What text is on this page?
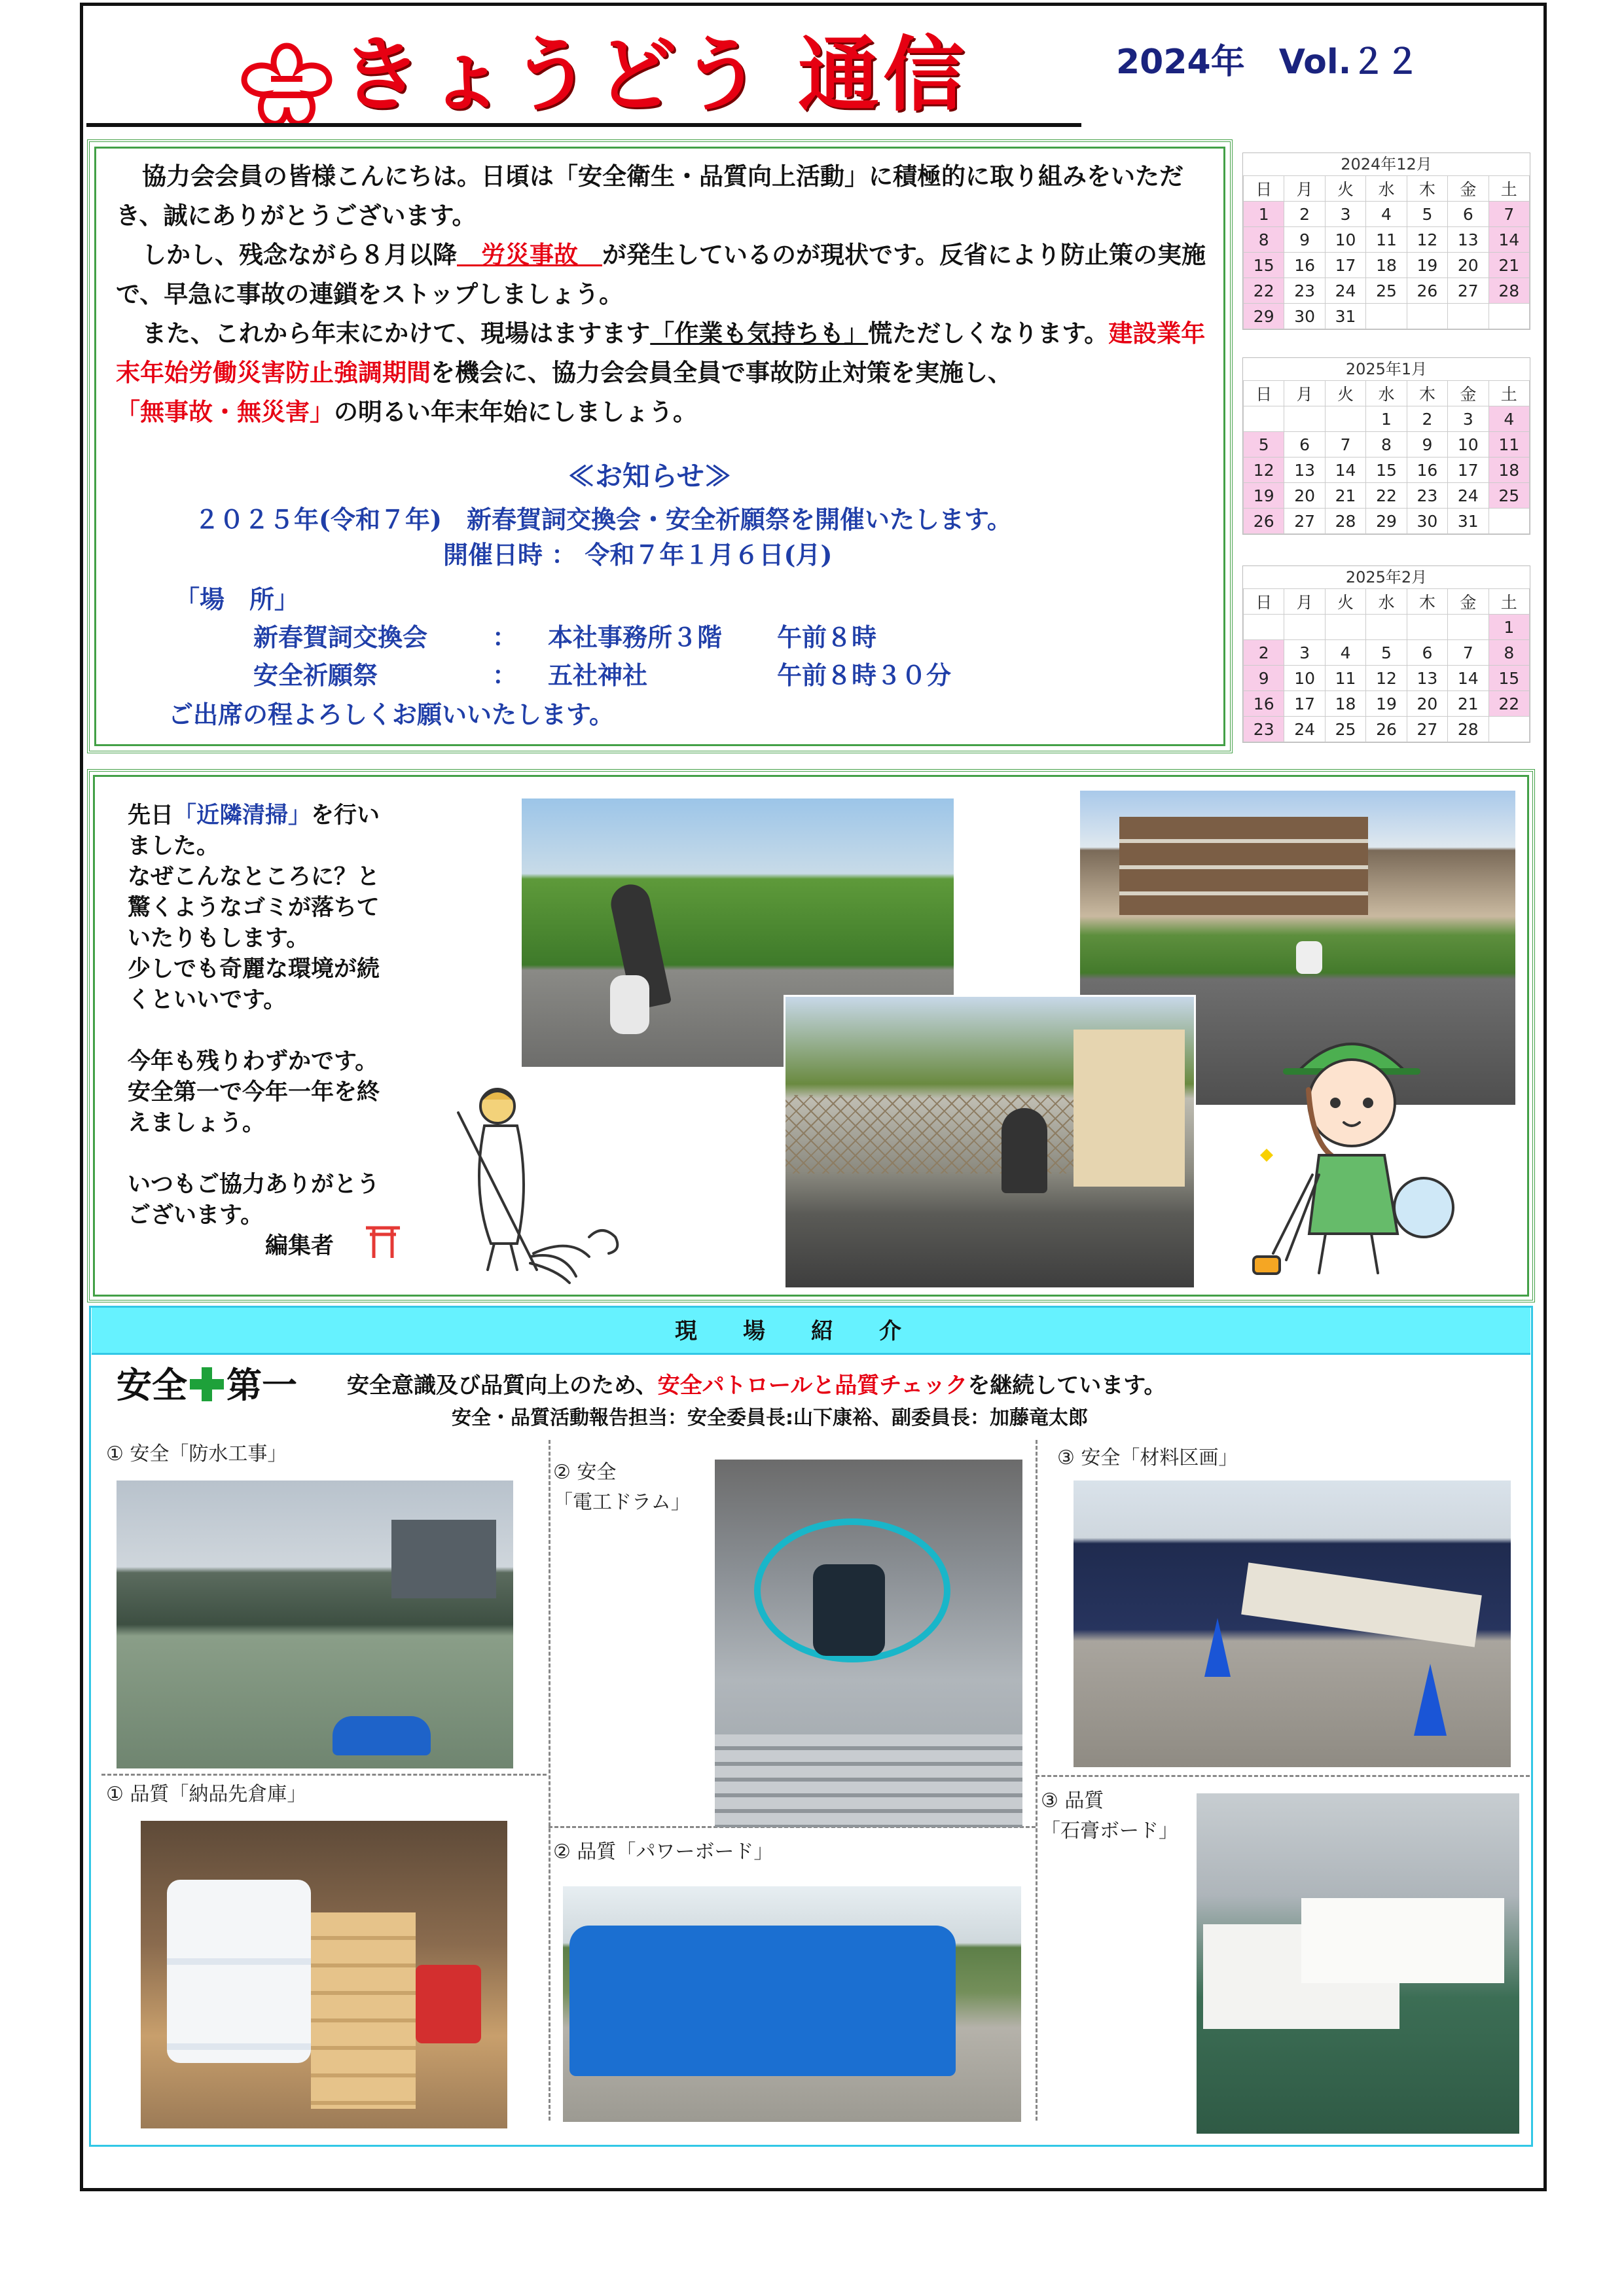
きょうどう 通信	2024年　Vol.２２

協力会会員の皆様こんにちは。日頃は「安全衛生・品質向上活動」に積極的に取り組みをいただき、誠にありがとうございます。

しかし、残念ながら８月以降　労災事故　が発生しているのが現状です。反省により防止策の実施で、早急に事故の連鎖をストップしましょう。

また、これから年末にかけて、現場はますます「作業も気持ちも」慌ただしくなります。建設業年末年始労働災害防止強調期間を機会に、協力会会員全員で事故防止対策を実施し、「無事故・無災害」の明るい年末年始にしましょう。

≪お知らせ≫
２０２５年(令和７年)　新春賀詞交換会・安全祈願祭を開催いたします。
開催日時 ： 令和７年１月６日(月)
「場　所」
新春賀詞交換会	： 本社事務所３階 午前８時
安全祈願祭	： 五社神社	午前８時３０分
ご出席の程よろしくお願いいたします。
2024年12月
日	月	火	水	木	金	土
1	2	3	4	5	6	7
8	9	10	11	12	13	14
15	16	17	18	19	20	21
22	23	24	25	26	27	28
29	30	31				
2025年1月
日	月	火	水	木	金	土
			1	2	3	4
5	6	7	8	9	10	11
12	13	14	15	16	17	18
19	20	21	22	23	24	25
26	27	28	29	30	31	
2025年2月
日	月	火	水	木	金	土
						1
2	3	4	5	6	7	8
9	10	11	12	13	14	15
16	17	18	19	20	21	22
23	24	25	26	27	28	
先日「近隣清掃」を行い
ました。
なぜこんなところに？と
驚くようなゴミが落ちて
いたりもします。
少しでも奇麗な環境が続
くといいです。
今年も残りわずかです。
安全第一で今年一年を終
えましょう。
いつもご協力ありがとう
ございます。
編集者
現場紹介
安全 第一	安全意識及び品質向上のため、安全パトロールと品質チェックを継続しています。
安全・品質活動報告担当：安全委員長:山下康裕、副委員長：加藤竜太郎
① 安全「防水工事」
② 安全
「電工ドラム」
③ 安全「材料区画」
① 品質「納品先倉庫」
② 品質「パワーボード」
③ 品質
「石膏ボード」
